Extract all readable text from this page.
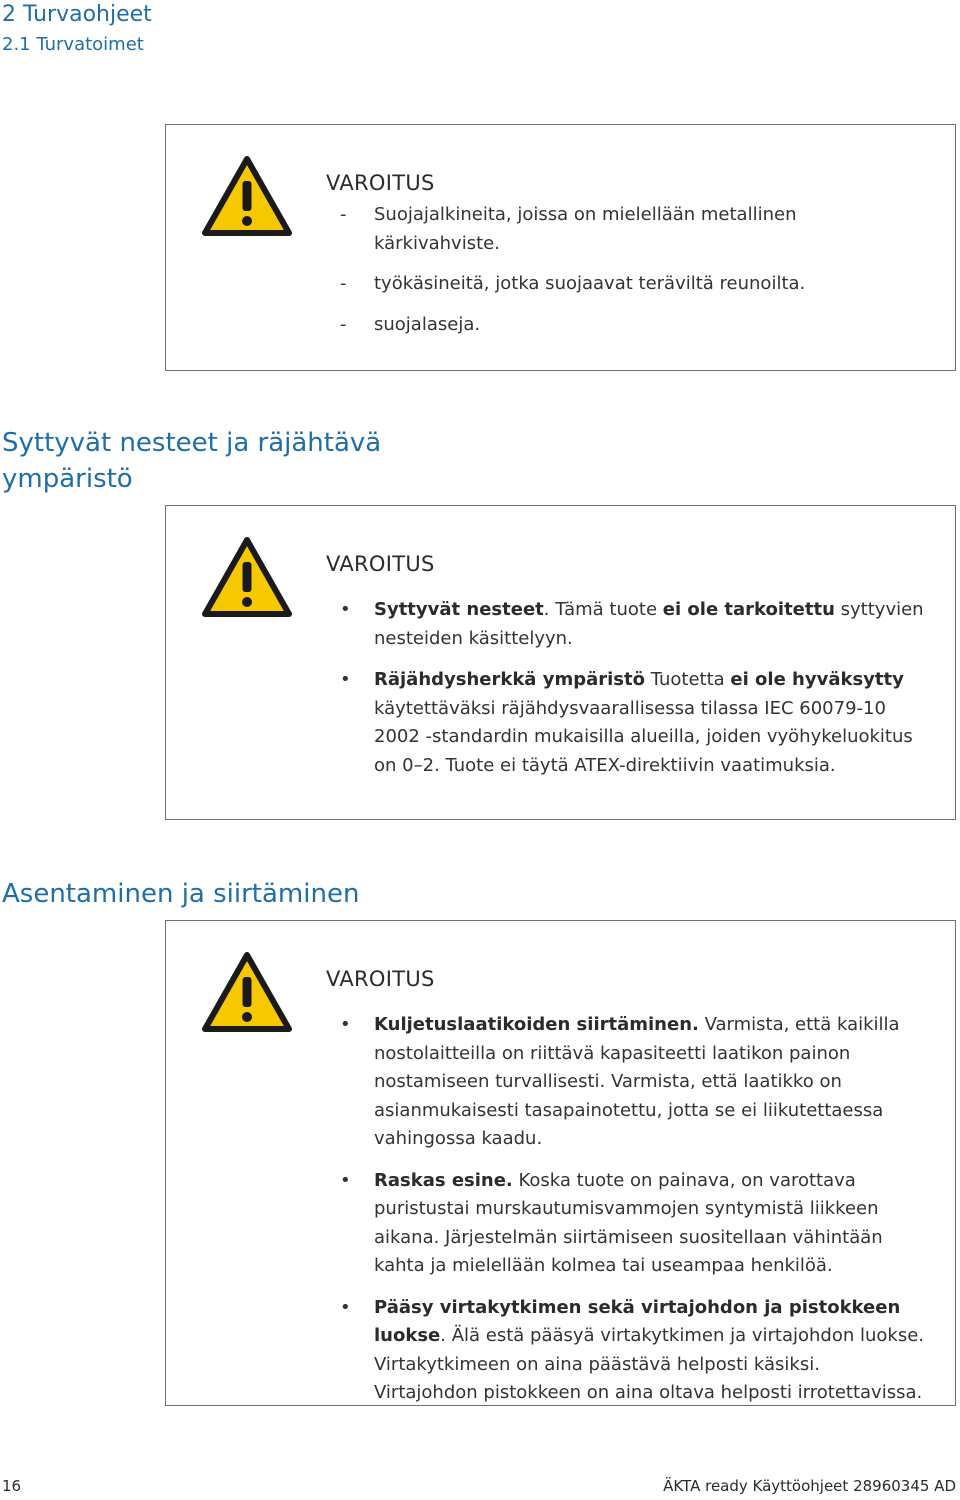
2 Turvaohjeet
2.1 Turvatoimet
VAROITUS
- Suojajalkineita, joissa on mielellään metallinen kärkivahviste.
- työkäsineitä, jotka suojaavat teräviltä reunoilta.
- suojalaseja.
Syttyvät nesteet ja räjähtävä ympäristö
VAROITUS
• Syttyvät nesteet. Tämä tuote ei ole tarkoitettu syttyvien nesteiden käsittelyyn.
• Räjähdysherkkä ympäristö Tuotetta ei ole hyväksytty käytettäväksi räjähdysvaarallisessa tilassa IEC 60079-10 2002 -standardin mukaisilla alueilla, joiden vyöhykeluokitus on 0–2. Tuote ei täytä ATEX-direktiivin vaatimuksia.
Asentaminen ja siirtäminen
VAROITUS
• Kuljetuslaatikoiden siirtäminen. Varmista, että kaikilla nostolaitteilla on riittävä kapasiteetti laatikon painon nostamiseen turvallisesti. Varmista, että laatikko on asianmukaisesti tasapainotettu, jotta se ei liikutettaessa vahingossa kaadu.
• Raskas esine. Koska tuote on painava, on varottava puristustai murskautumisvammojen syntymistä liikkeen aikana. Järjestelmän siirtämiseen suositellaan vähintään kahta ja mielellään kolmea tai useampaa henkilöä.
• Pääsy virtakytkimen sekä virtajohdon ja pistokkeen luokse. Älä estä pääsyä virtakytkimen ja virtajohdon luokse. Virtakytkimeen on aina päästävä helposti käsiksi. Virtajohdon pistokkeen on aina oltava helposti irrotettavissa.
16	ÄKTA ready Käyttöohjeet 28960345 AD
